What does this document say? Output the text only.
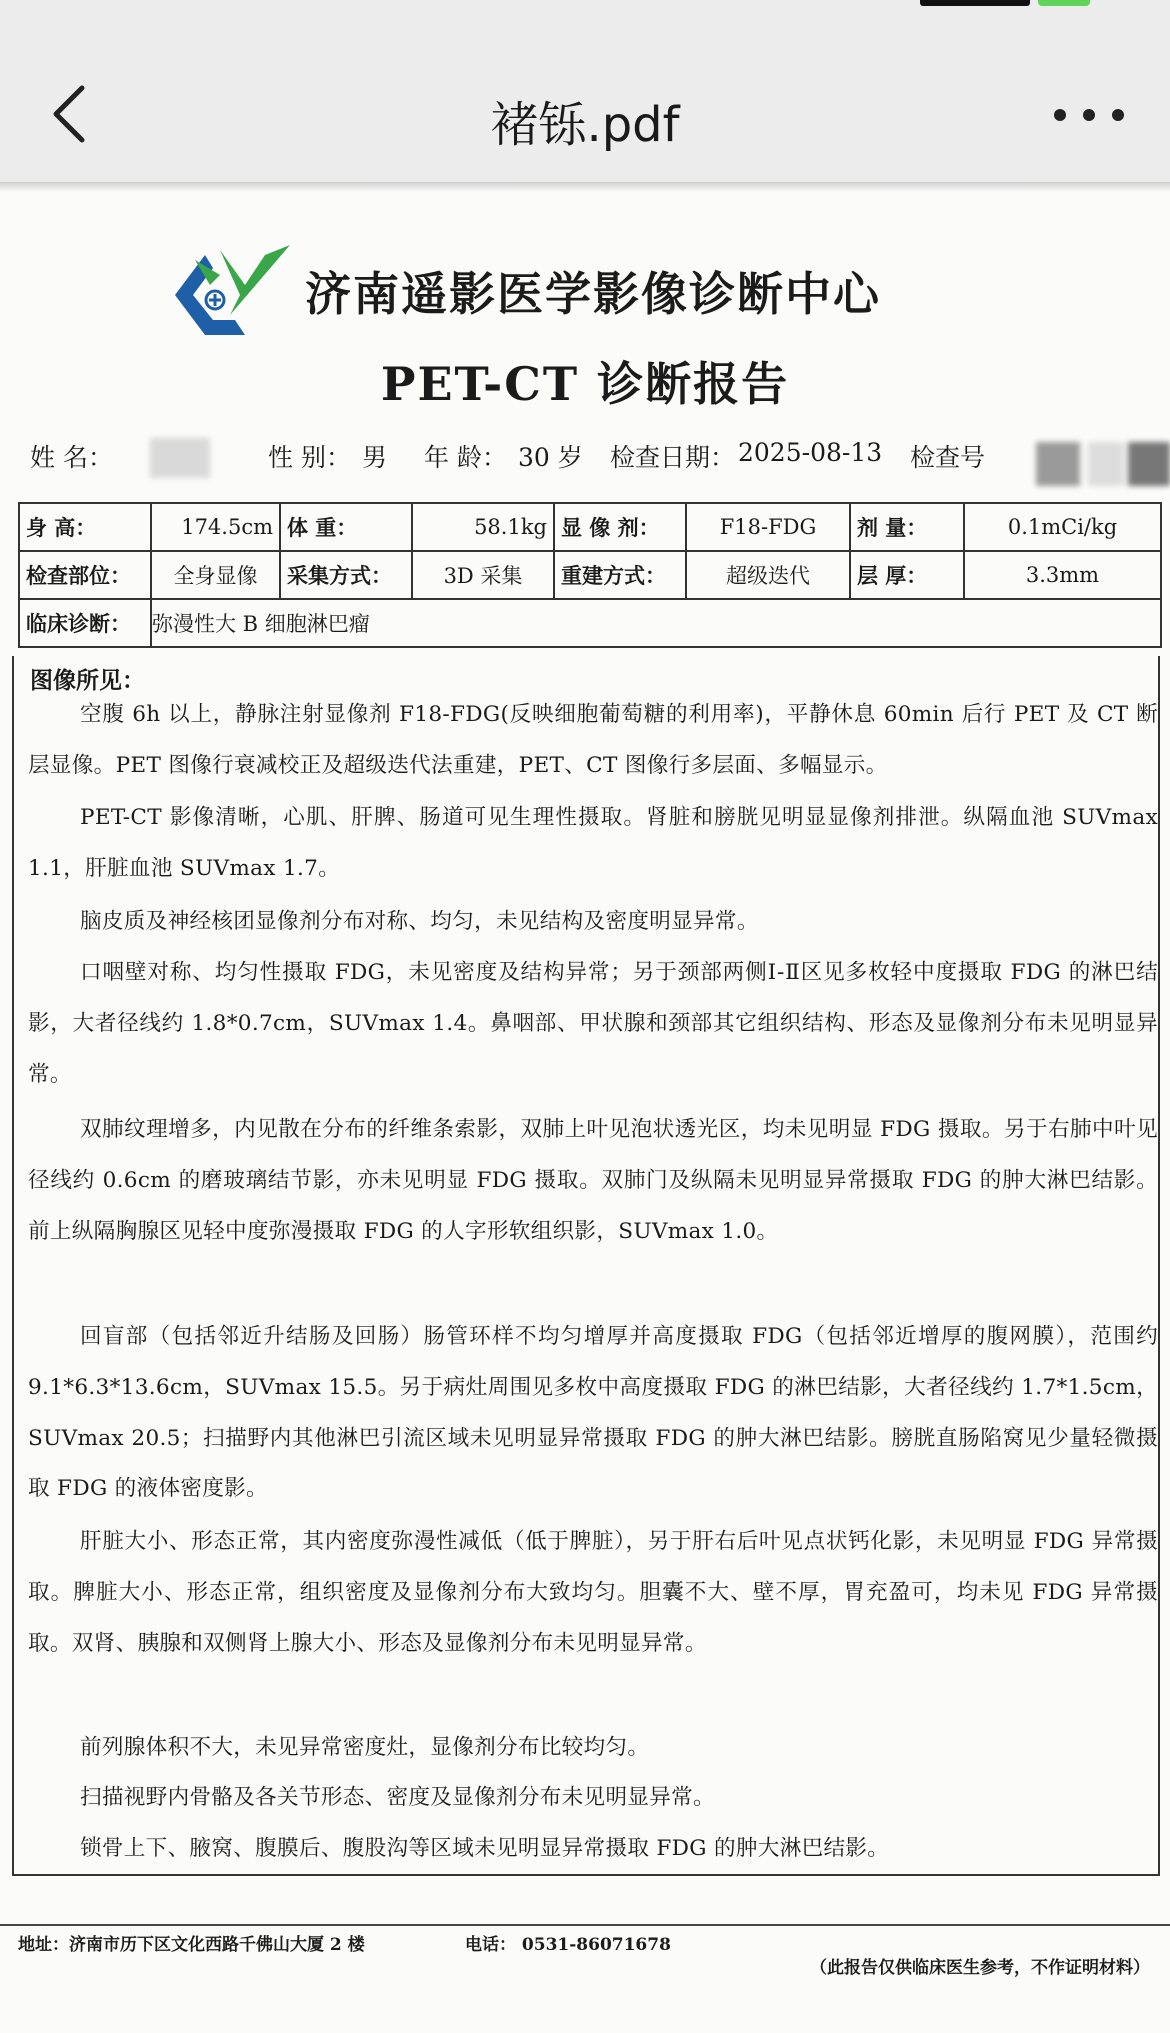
褚铄.pdf
济南遥影医学影像诊断中心
PET-CT 诊断报告
姓 名：	性 别： 男 年 龄： 30 岁 检查日期： 2025-08-13 检查号
身 高：	174.5cm	体 重：	58.1kg	显 像 剂：	F18-FDG	剂 量：	0.1mCi/kg
检查部位：	全身显像	采集方式：	3D 采集	重建方式：	超级迭代	层 厚：	3.3mm
临床诊断：	弥漫性大 B 细胞淋巴瘤						
图像所见：
空腹 6h 以上，静脉注射显像剂 F18-FDG(反映细胞葡萄糖的利用率)，平静休息 60min 后行 PET 及 CT 断层显像。PET 图像行衰减校正及超级迭代法重建，PET、CT 图像行多层面、多幅显示。
PET-CT 影像清晰，心肌、肝脾、肠道可见生理性摄取。肾脏和膀胱见明显显像剂排泄。纵隔血池 SUVmax 1.1，肝脏血池 SUVmax 1.7。
脑皮质及神经核团显像剂分布对称、均匀，未见结构及密度明显异常。
口咽壁对称、均匀性摄取 FDG，未见密度及结构异常；另于颈部两侧Ⅰ-Ⅱ区见多枚轻中度摄取 FDG 的淋巴结影，大者径线约 1.8*0.7cm，SUVmax 1.4。鼻咽部、甲状腺和颈部其它组织结构、形态及显像剂分布未见明显异常。
双肺纹理增多，内见散在分布的纤维条索影，双肺上叶见泡状透光区，均未见明显 FDG 摄取。另于右肺中叶见径线约 0.6cm 的磨玻璃结节影，亦未见明显 FDG 摄取。双肺门及纵隔未见明显异常摄取 FDG 的肿大淋巴结影。前上纵隔胸腺区见轻中度弥漫摄取 FDG 的人字形软组织影，SUVmax 1.0。
回盲部（包括邻近升结肠及回肠）肠管环样不均匀增厚并高度摄取 FDG（包括邻近增厚的腹网膜），范围约 9.1*6.3*13.6cm，SUVmax 15.5。另于病灶周围见多枚中高度摄取 FDG 的淋巴结影，大者径线约 1.7*1.5cm，SUVmax 20.5；扫描野内其他淋巴引流区域未见明显异常摄取 FDG 的肿大淋巴结影。膀胱直肠陷窝见少量轻微摄取 FDG 的液体密度影。
肝脏大小、形态正常，其内密度弥漫性减低（低于脾脏），另于肝右后叶见点状钙化影，未见明显 FDG 异常摄取。脾脏大小、形态正常，组织密度及显像剂分布大致均匀。胆囊不大、壁不厚，胃充盈可，均未见 FDG 异常摄取。双肾、胰腺和双侧肾上腺大小、形态及显像剂分布未见明显异常。
前列腺体积不大，未见异常密度灶，显像剂分布比较均匀。
扫描视野内骨骼及各关节形态、密度及显像剂分布未见明显异常。
锁骨上下、腋窝、腹膜后、腹股沟等区域未见明显异常摄取 FDG 的肿大淋巴结影。
地址：济南市历下区文化西路千佛山大厦 2 楼	电话： 0531-86071678
（此报告仅供临床医生参考，不作证明材料）
